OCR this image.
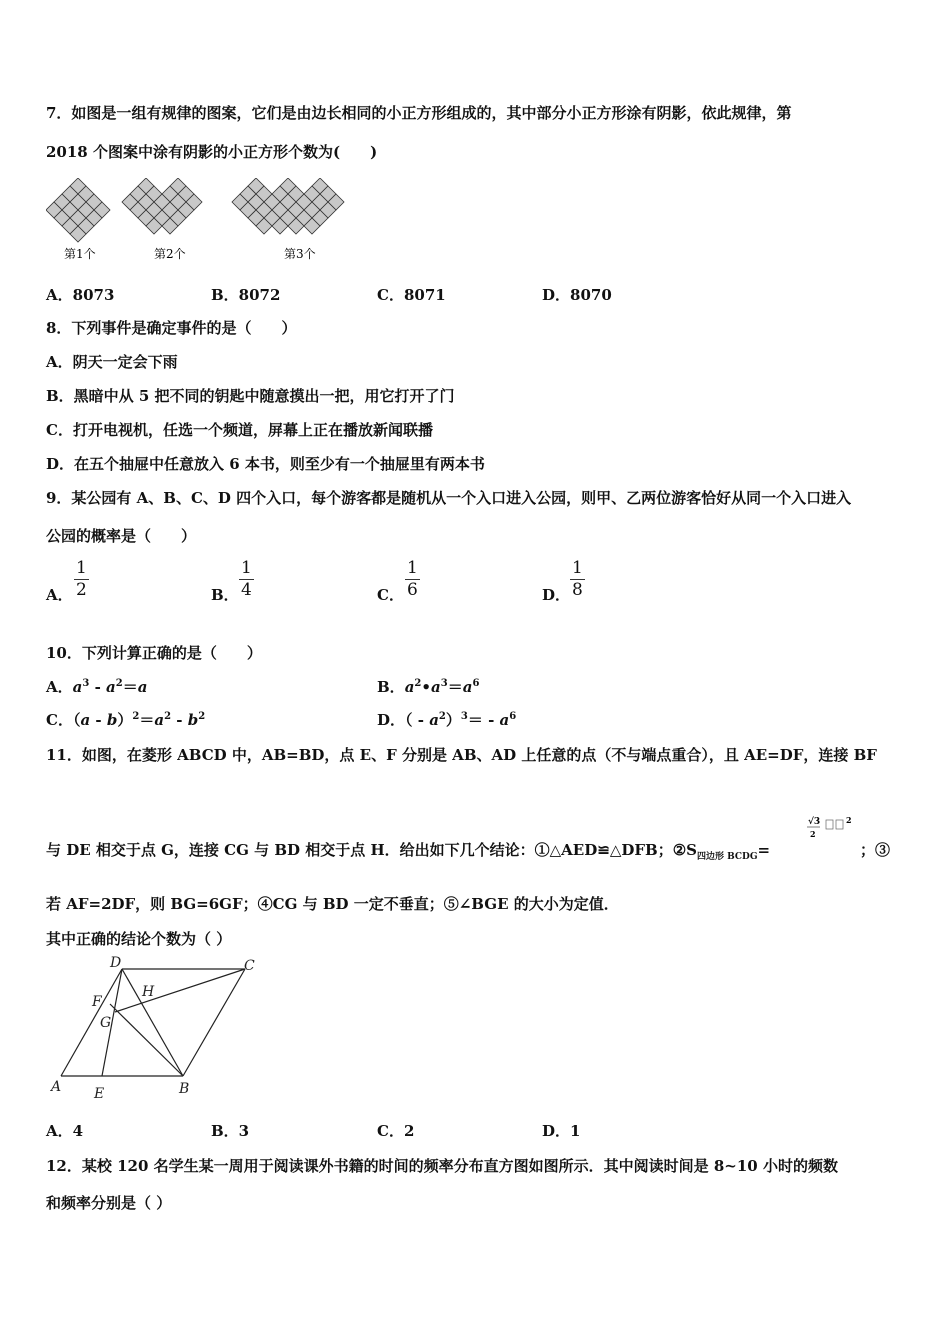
7．如图是一组有规律的图案，它们是由边长相同的小正方形组成的，其中部分小正方形涂有阴影，依此规律，第
2018 个图案中涂有阴影的小正方形个数为(　　)
第1个	第2个	第3个
A．8073	B．8072	C．8071	D．8070
8．下列事件是确定事件的是（　　）
A．阴天一定会下雨
B．黑暗中从 5 把不同的钥匙中随意摸出一把，用它打开了门
C．打开电视机，任选一个频道，屏幕上正在播放新闻联播
D．在五个抽屉中任意放入 6 本书，则至少有一个抽屉里有两本书
9．某公园有 A、B、C、D 四个入口，每个游客都是随机从一个入口进入公园，则甲、乙两位游客恰好从同一个入口进入
公园的概率是（　　）
A．
1
2	B．
1
4	C．
1
6	D．
1
8
10．下列计算正确的是（　　）
A．$a^3 - a^2=a$	B．$a^2•a^3=a^6$
C．$(a - b)^2=a^2 - b^2$	D．（ - $a^2)^3= - a^6$
11．如图，在菱形 ABCD 中，AB=BD，点 E、F 分别是 AB、AD 上任意的点（不与端点重合），且 AE=DF，连接 BF
与 DE 相交于点 G，连接 CG 与 BD 相交于点 H．给出如下几个结论：①△AED≌△DFB；$②S_{四边形 BCDG}=$
√3
2
2
；③
若 AF=2DF，则 BG=6GF；④CG 与 BD 一定不垂直；⑤∠BGE 的大小为定值．
其中正确的结论个数为（ ）
D	C
F
H
G
A E	B
A．4	B．3	C．2	D．1
12．某校 120 名学生某一周用于阅读课外书籍的时间的频率分布直方图如图所示．其中阅读时间是 8~10 小时的频数
和频率分别是（ ）
